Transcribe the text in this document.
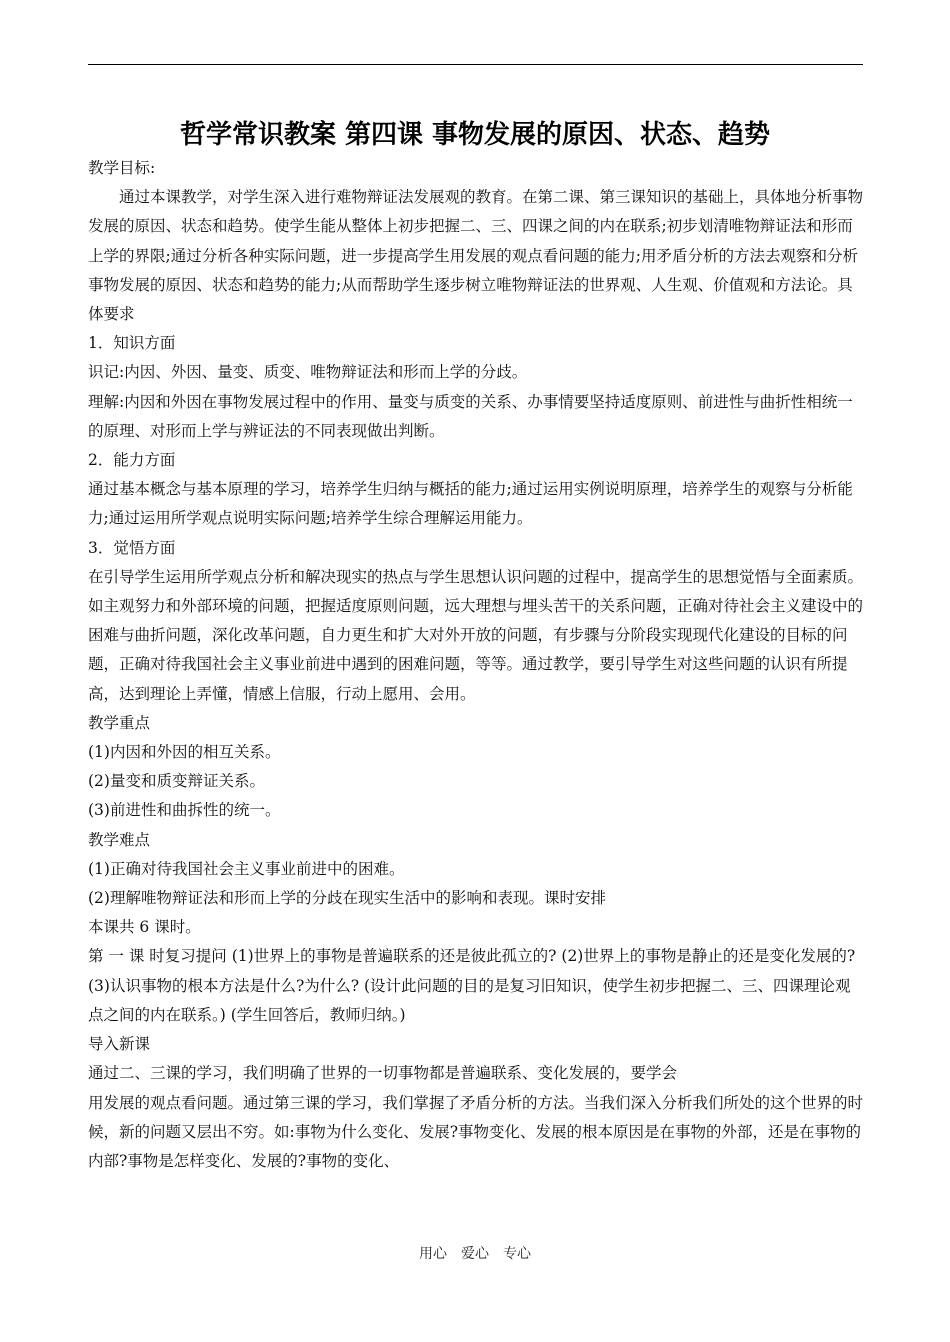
哲学常识教案 第四课 事物发展的原因、状态、趋势

教学目标:

通过本课教学，对学生深入进行难物辩证法发展观的教育。在第二课、第三课知识的基础上，具体地分析事物发展的原因、状态和趋势。使学生能从整体上初步把握二、三、四课之间的内在联系;初步划清唯物辩证法和形而上学的界限;通过分析各种实际问题，进一步提高学生用发展的观点看问题的能力;用矛盾分析的方法去观察和分析事物发展的原因、状态和趋势的能力;从而帮助学生逐步树立唯物辩证法的世界观、人生观、价值观和方法论。具体要求

1．知识方面

识记:内因、外因、量变、质变、唯物辩证法和形而上学的分歧。

理解:内因和外因在事物发展过程中的作用、量变与质变的关系、办事情要坚持适度原则、前进性与曲折性相统一的原理、对形而上学与辨证法的不同表现做出判断。

2．能力方面

通过基本概念与基本原理的学习，培养学生归纳与概括的能力;通过运用实例说明原理，培养学生的观察与分析能力;通过运用所学观点说明实际问题;培养学生综合理解运用能力。

3．觉悟方面

在引导学生运用所学观点分析和解决现实的热点与学生思想认识问题的过程中，提高学生的思想觉悟与全面素质。如主观努力和外部环境的问题，把握适度原则问题，远大理想与埋头苦干的关系问题，正确对待社会主义建设中的困难与曲折问题，深化改革问题，自力更生和扩大对外开放的问题，有步骤与分阶段实现现代化建设的目标的问题，正确对待我国社会主义事业前进中遇到的困难问题，等等。通过教学，要引导学生对这些问题的认识有所提高，达到理论上弄懂，情感上信服，行动上愿用、会用。

教学重点

(1)内因和外因的相互关系。

(2)量变和质变辩证关系。

(3)前进性和曲拆性的统一。

教学难点

(1)正确对待我国社会主义事业前进中的困难。

(2)理解唯物辩证法和形而上学的分歧在现实生活中的影响和表现。课时安排

本课共 6 课时。

第 一 课 时复习提问 (1)世界上的事物是普遍联系的还是彼此孤立的? (2)世界上的事物是静止的还是变化发展的? (3)认识事物的根本方法是什么?为什么? (设计此问题的目的是复习旧知识，使学生初步把握二、三、四课理论观点之间的内在联系。) (学生回答后，教师归纳。)

导入新课

通过二、三课的学习，我们明确了世界的一切事物都是普遍联系、变化发展的，要学会

用发展的观点看问题。通过第三课的学习，我们掌握了矛盾分析的方法。当我们深入分析我们所处的这个世界的时候，新的问题又层出不穷。如:事物为什么变化、发展?事物变化、发展的根本原因是在事物的外部，还是在事物的内部?事物是怎样变化、发展的?事物的变化、

用心　爱心　专心
